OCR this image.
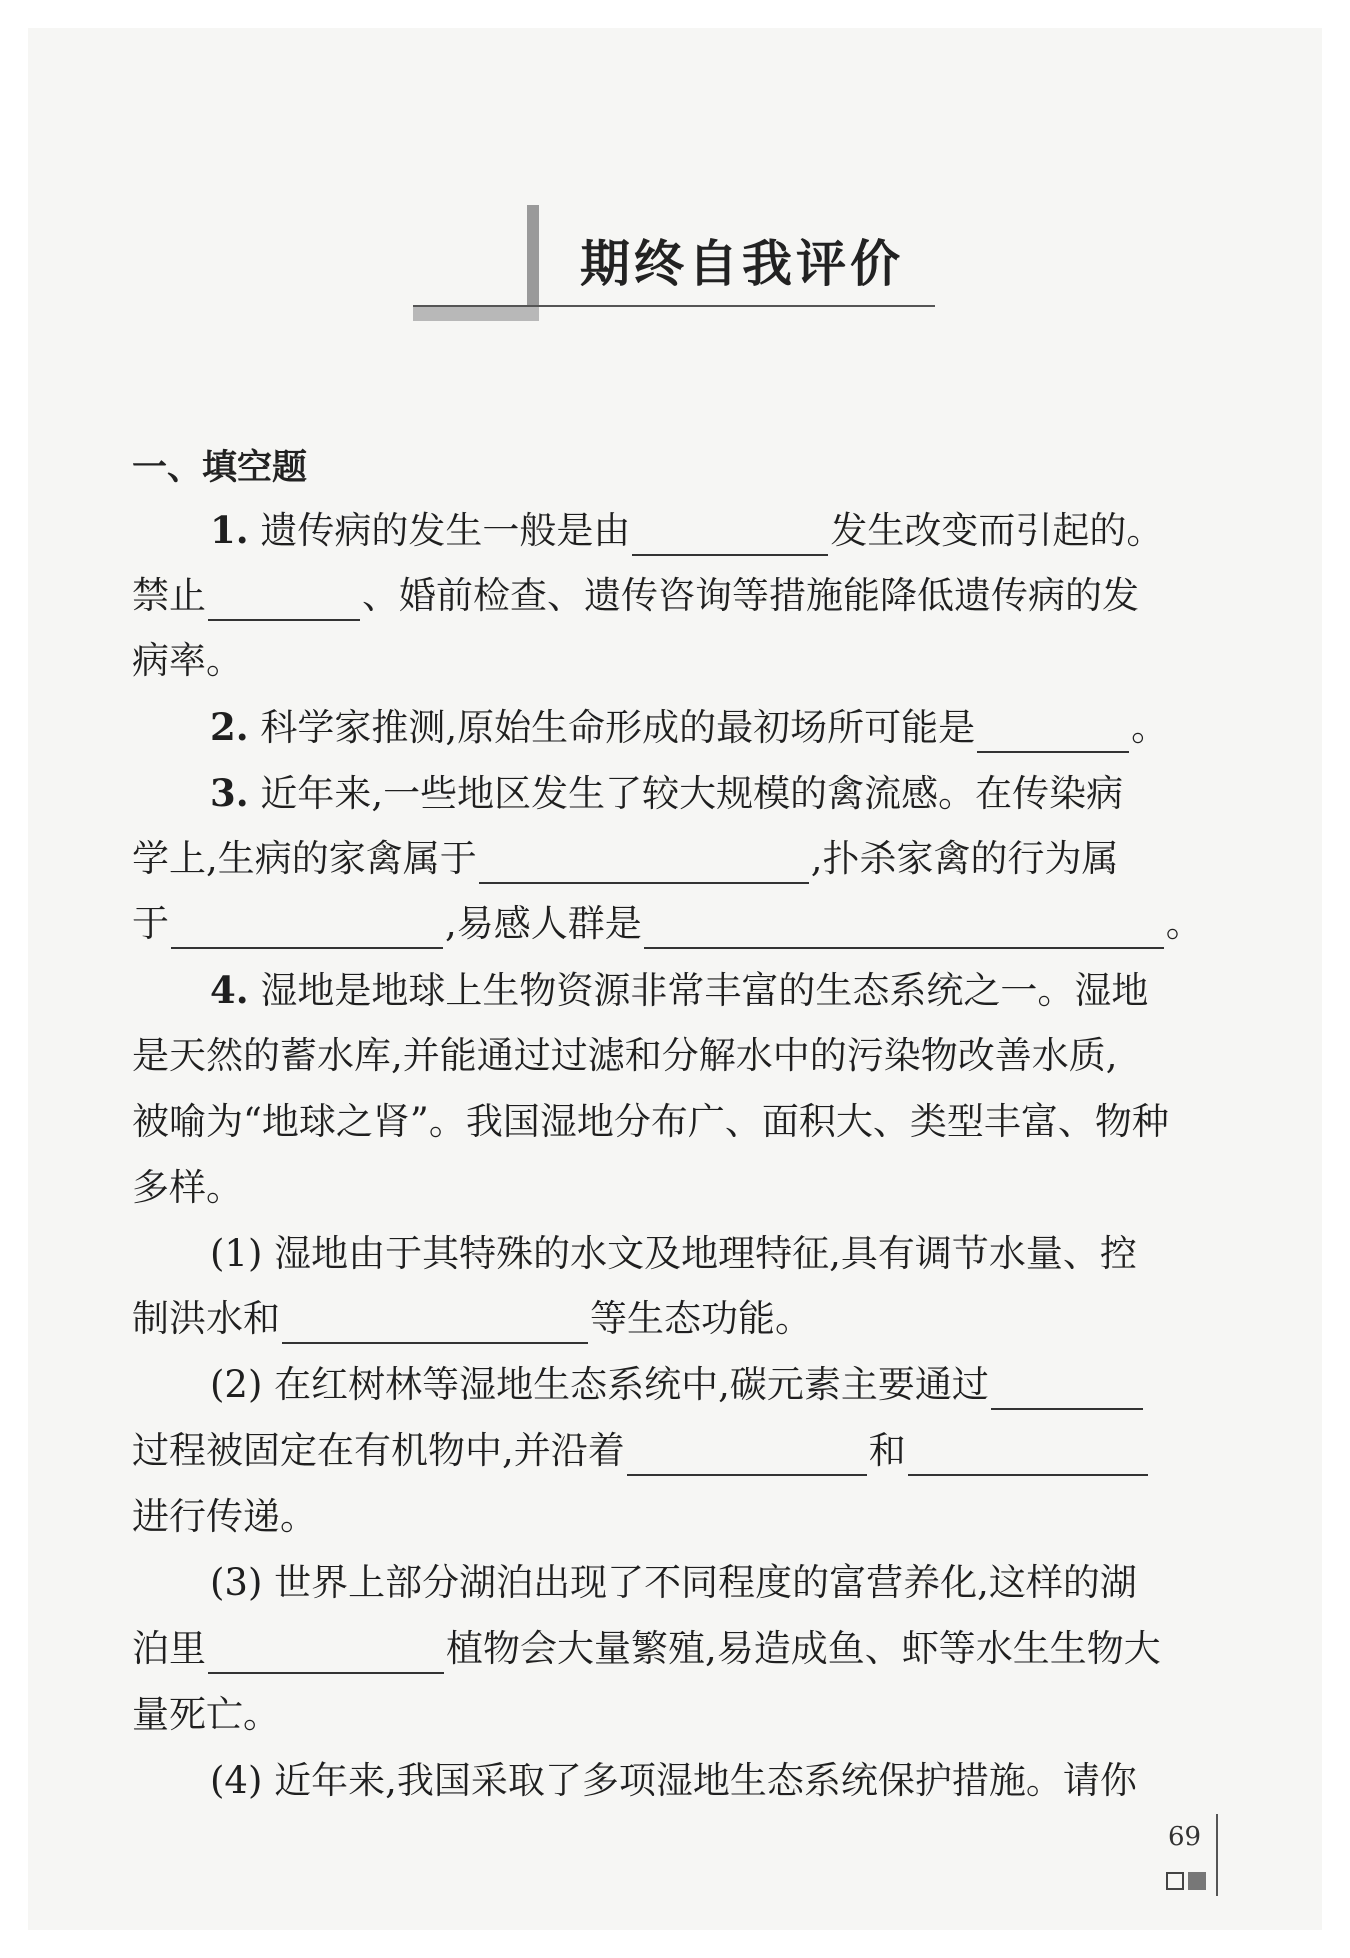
期终自我评价
一、填空题
1. 遗传病的发生一般是由	发生改变而引起的。
禁止	、婚前检查、遗传咨询等措施能降低遗传病的发
病率。
2. 科学家推测,原始生命形成的最初场所可能是	。
3. 近年来,一些地区发生了较大规模的禽流感。在传染病
学上,生病的家禽属于	,扑杀家禽的行为属
于	,易感人群是	。
4. 湿地是地球上生物资源非常丰富的生态系统之一。湿地
是天然的蓄水库,并能通过过滤和分解水中的污染物改善水质,
被喻为“地球之肾”。我国湿地分布广、面积大、类型丰富、物种
多样。
(1) 湿地由于其特殊的水文及地理特征,具有调节水量、控
制洪水和	等生态功能。
(2) 在红树林等湿地生态系统中,碳元素主要通过
过程被固定在有机物中,并沿着	和
进行传递。
(3) 世界上部分湖泊出现了不同程度的富营养化,这样的湖
泊里	植物会大量繁殖,易造成鱼、虾等水生生物大
量死亡。
(4) 近年来,我国采取了多项湿地生态系统保护措施。请你
69
